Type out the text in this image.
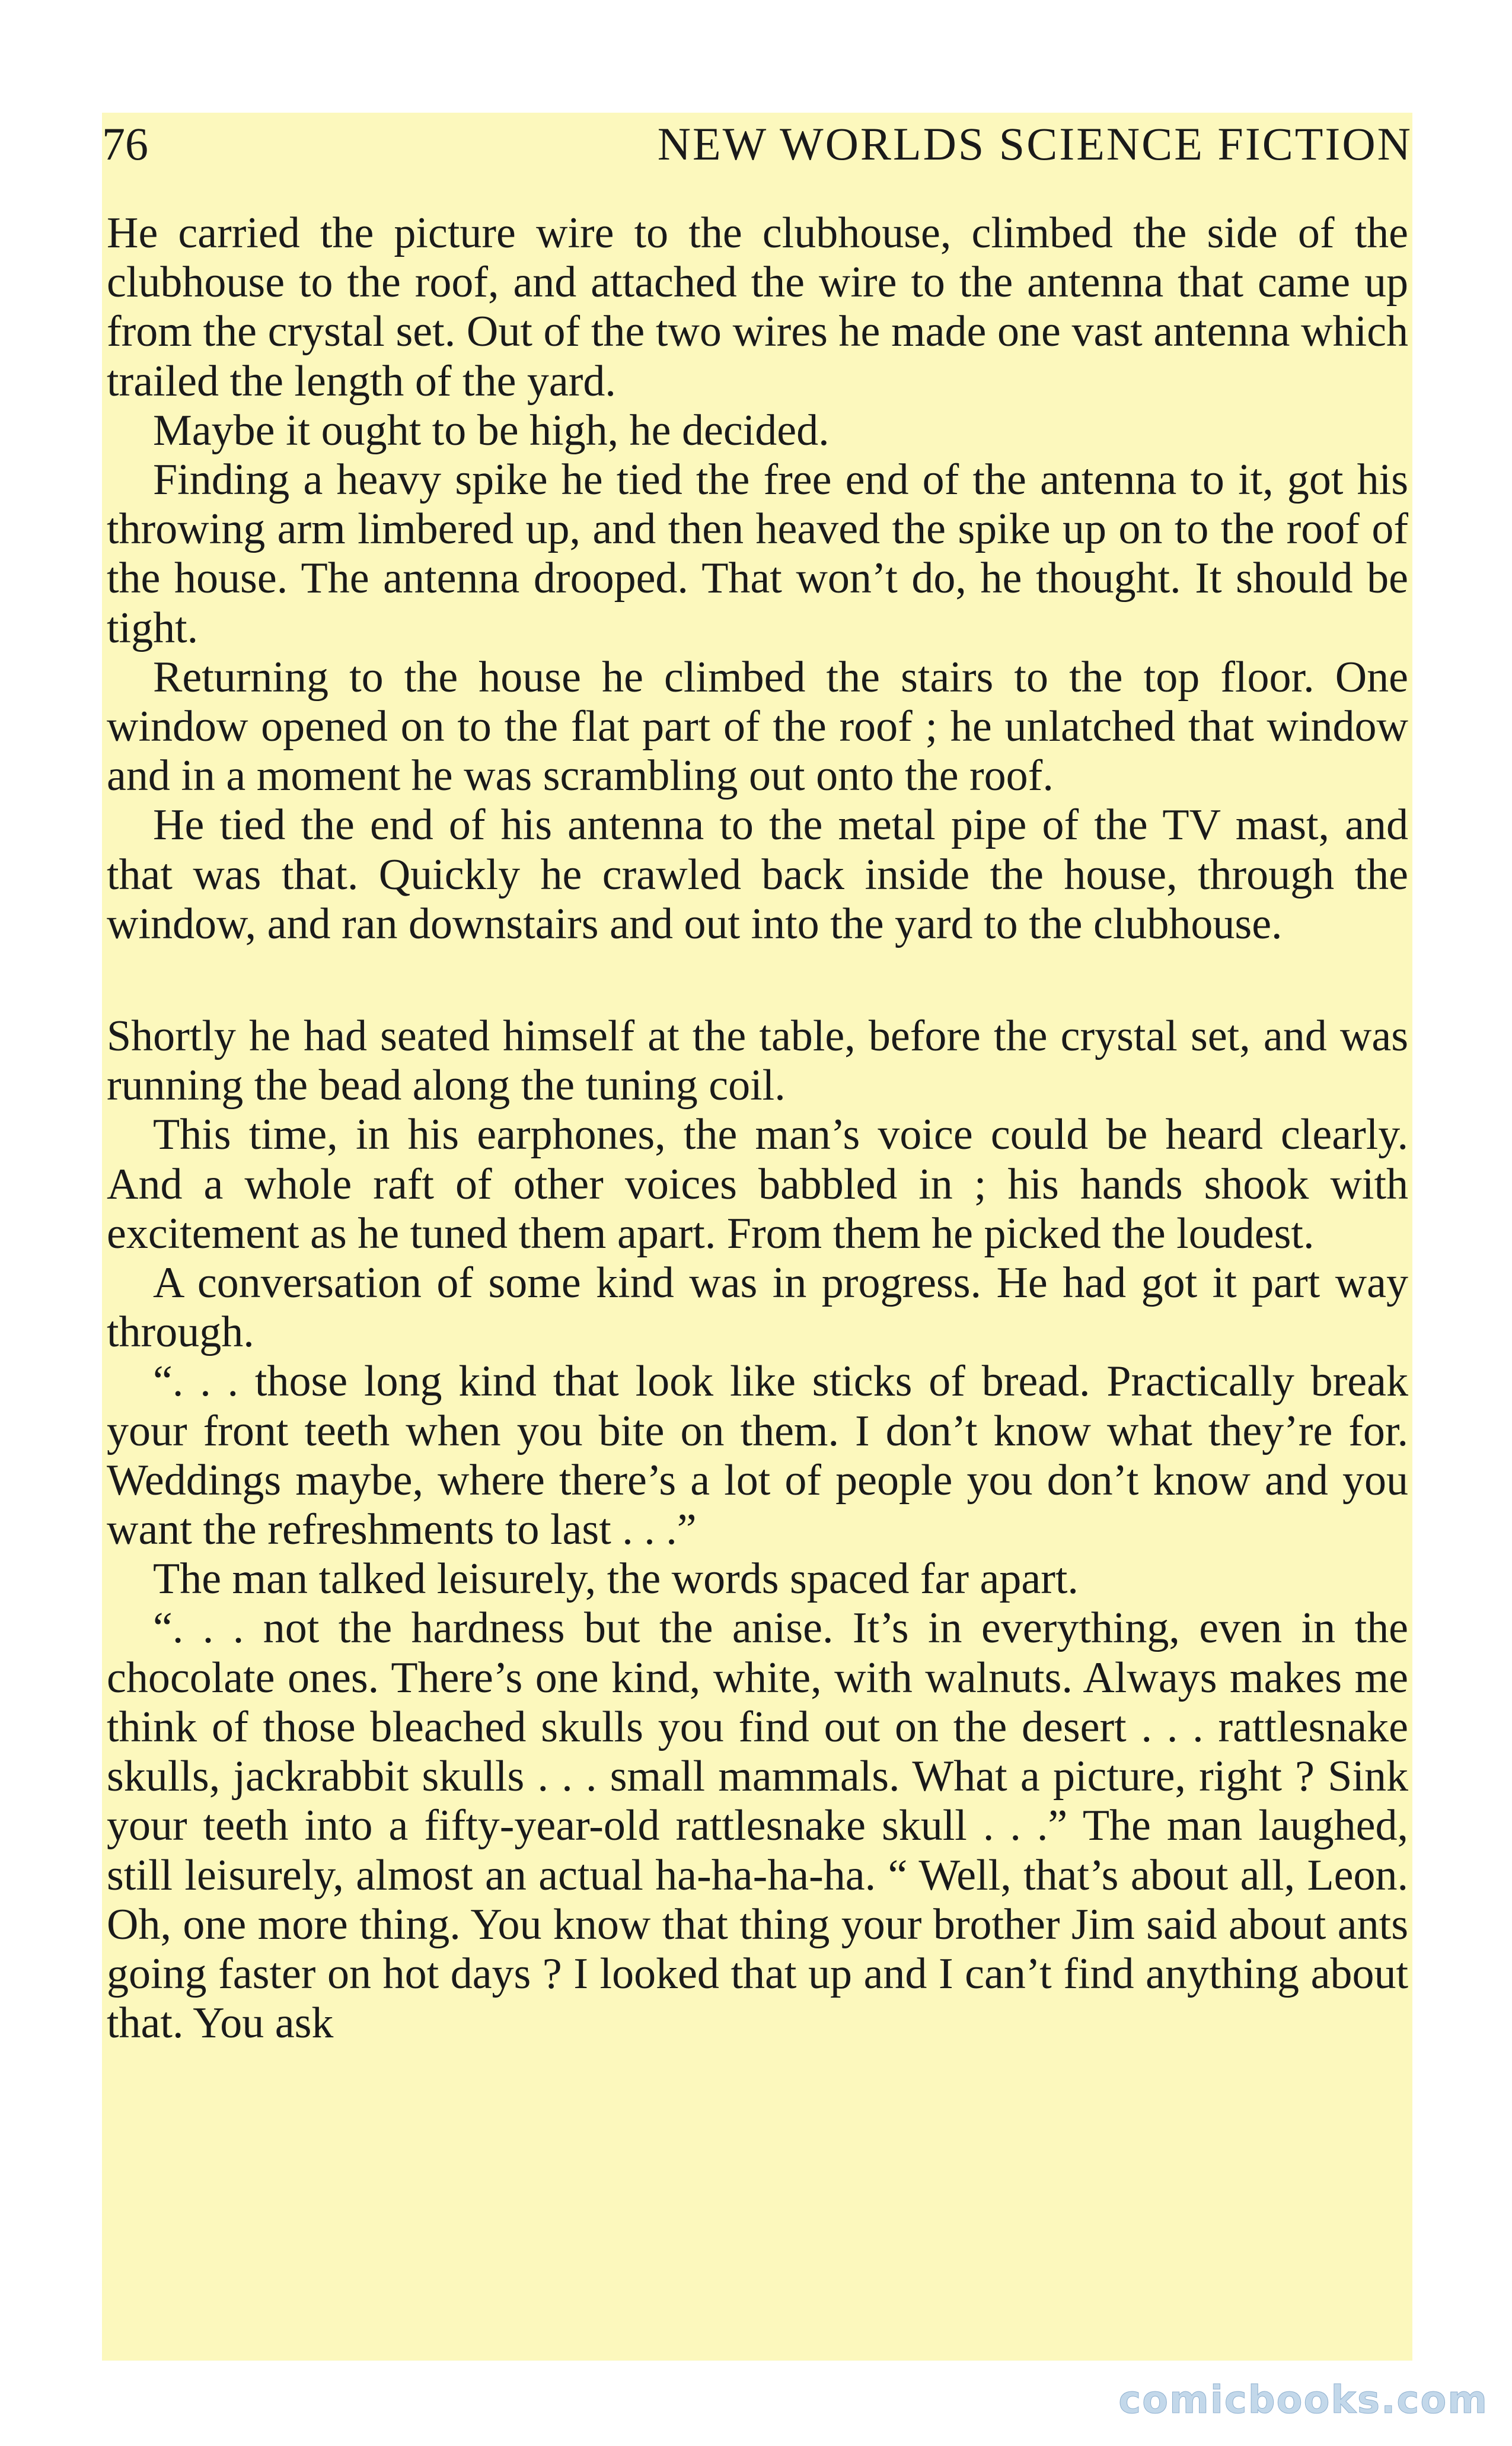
76	NEW WORLDS SCIENCE FICTION

He carried the picture wire to the clubhouse, climbed the side of the clubhouse to the roof, and attached the wire to the antenna that came up from the crystal set. Out of the two wires he made one vast antenna which trailed the length of the yard.

Maybe it ought to be high, he decided.

Finding a heavy spike he tied the free end of the antenna to it, got his throwing arm limbered up, and then heaved the spike up on to the roof of the house. The antenna drooped. That won’t do, he thought. It should be tight.

Returning to the house he climbed the stairs to the top floor. One window opened on to the flat part of the roof ; he unlatched that window and in a moment he was scrambling out onto the roof.

He tied the end of his antenna to the metal pipe of the TV mast, and that was that. Quickly he crawled back inside the house, through the window, and ran downstairs and out into the yard to the clubhouse.

Shortly he had seated himself at the table, before the crystal set, and was running the bead along the tuning coil.

This time, in his earphones, the man’s voice could be heard clearly. And a whole raft of other voices babbled in ; his hands shook with excitement as he tuned them apart. From them he picked the loudest.

A conversation of some kind was in progress. He had got it part way through.

“. . . those long kind that look like sticks of bread. Practically break your front teeth when you bite on them. I don’t know what they’re for. Weddings maybe, where there’s a lot of people you don’t know and you want the refreshments to last . . .”

The man talked leisurely, the words spaced far apart.

“. . . not the hardness but the anise. It’s in everything, even in the chocolate ones. There’s one kind, white, with walnuts. Always makes me think of those bleached skulls you find out on the desert . . . rattlesnake skulls, jackrabbit skulls . . . small mammals. What a picture, right ? Sink your teeth into a fifty-year-old rattlesnake skull . . .” The man laughed, still leisurely, almost an actual ha-ha-ha-ha. “ Well, that’s about all, Leon. Oh, one more thing. You know that thing your brother Jim said about ants going faster on hot days ? I looked that up and I can’t find anything about that. You ask

comicbooks.com
